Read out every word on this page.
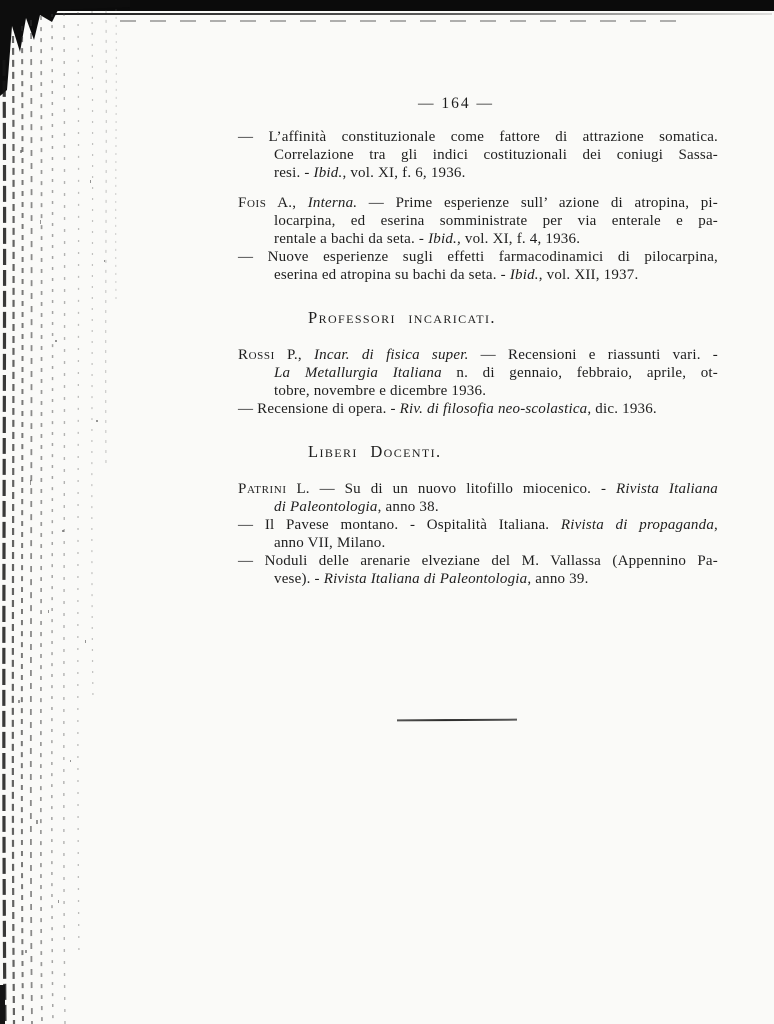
— 164 —
— L’affinità constituzionale come fattore di attrazione somatica.
Correlazione tra gli indici costituzionali dei coniugi Sassa-
resi. - Ibid., vol. XI, f. 6, 1936.
Fois A., Interna. — Prime esperienze sull’ azione di atropina, pi-
locarpina, ed eserina somministrate per via enterale e pa-
rentale a bachi da seta. - Ibid., vol. XI, f. 4, 1936.
— Nuove esperienze sugli effetti farmacodinamici di pilocarpina,
eserina ed atropina su bachi da seta. - Ibid., vol. XII, 1937.
Professori incaricati.
Rossi P., Incar. di fisica super. — Recensioni e riassunti vari. -
La Metallurgia Italiana n. di gennaio, febbraio, aprile, ot-
tobre, novembre e dicembre 1936.
— Recensione di opera. - Riv. di filosofia neo-scolastica, dic. 1936.
Liberi Docenti.
Patrini L. — Su di un nuovo litofillo miocenico. - Rivista Italiana
di Paleontologia, anno 38.
— Il Pavese montano. - Ospitalità Italiana. Rivista di propaganda,
anno VII, Milano.
— Noduli delle arenarie elveziane del M. Vallassa (Appennino Pa-
vese). - Rivista Italiana di Paleontologia, anno 39.
